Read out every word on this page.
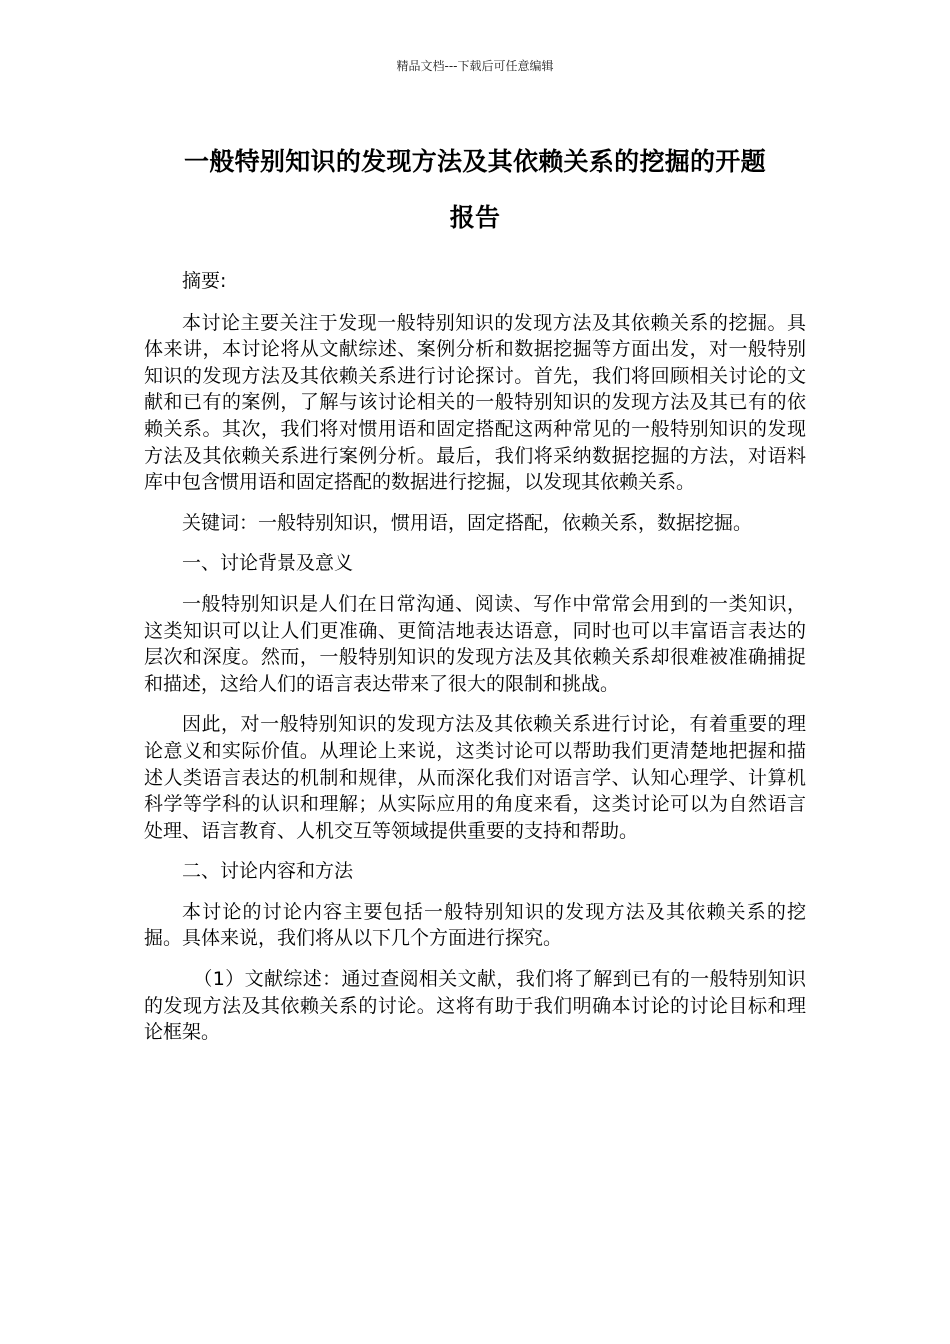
精品文档---下载后可任意编辑
一般特别知识的发现方法及其依赖关系的挖掘的开题
报告

摘要:

本讨论主要关注于发现一般特别知识的发现方法及其依赖关系的挖掘。具体来讲，本讨论将从文献综述、案例分析和数据挖掘等方面出发，对一般特别知识的发现方法及其依赖关系进行讨论探讨。首先，我们将回顾相关讨论的文献和已有的案例，了解与该讨论相关的一般特别知识的发现方法及其已有的依赖关系。其次，我们将对惯用语和固定搭配这两种常见的一般特别知识的发现方法及其依赖关系进行案例分析。最后，我们将采纳数据挖掘的方法，对语料库中包含惯用语和固定搭配的数据进行挖掘，以发现其依赖关系。

关键词：一般特别知识，惯用语，固定搭配，依赖关系，数据挖掘。

一、讨论背景及意义

一般特别知识是人们在日常沟通、阅读、写作中常常会用到的一类知识，这类知识可以让人们更准确、更简洁地表达语意，同时也可以丰富语言表达的层次和深度。然而，一般特别知识的发现方法及其依赖关系却很难被准确捕捉和描述，这给人们的语言表达带来了很大的限制和挑战。

因此，对一般特别知识的发现方法及其依赖关系进行讨论，有着重要的理论意义和实际价值。从理论上来说，这类讨论可以帮助我们更清楚地把握和描述人类语言表达的机制和规律，从而深化我们对语言学、认知心理学、计算机科学等学科的认识和理解；从实际应用的角度来看，这类讨论可以为自然语言处理、语言教育、人机交互等领域提供重要的支持和帮助。

二、讨论内容和方法

本讨论的讨论内容主要包括一般特别知识的发现方法及其依赖关系的挖掘。具体来说，我们将从以下几个方面进行探究。

（1）文献综述：通过查阅相关文献，我们将了解到已有的一般特别知识的发现方法及其依赖关系的讨论。这将有助于我们明确本讨论的讨论目标和理论框架。
